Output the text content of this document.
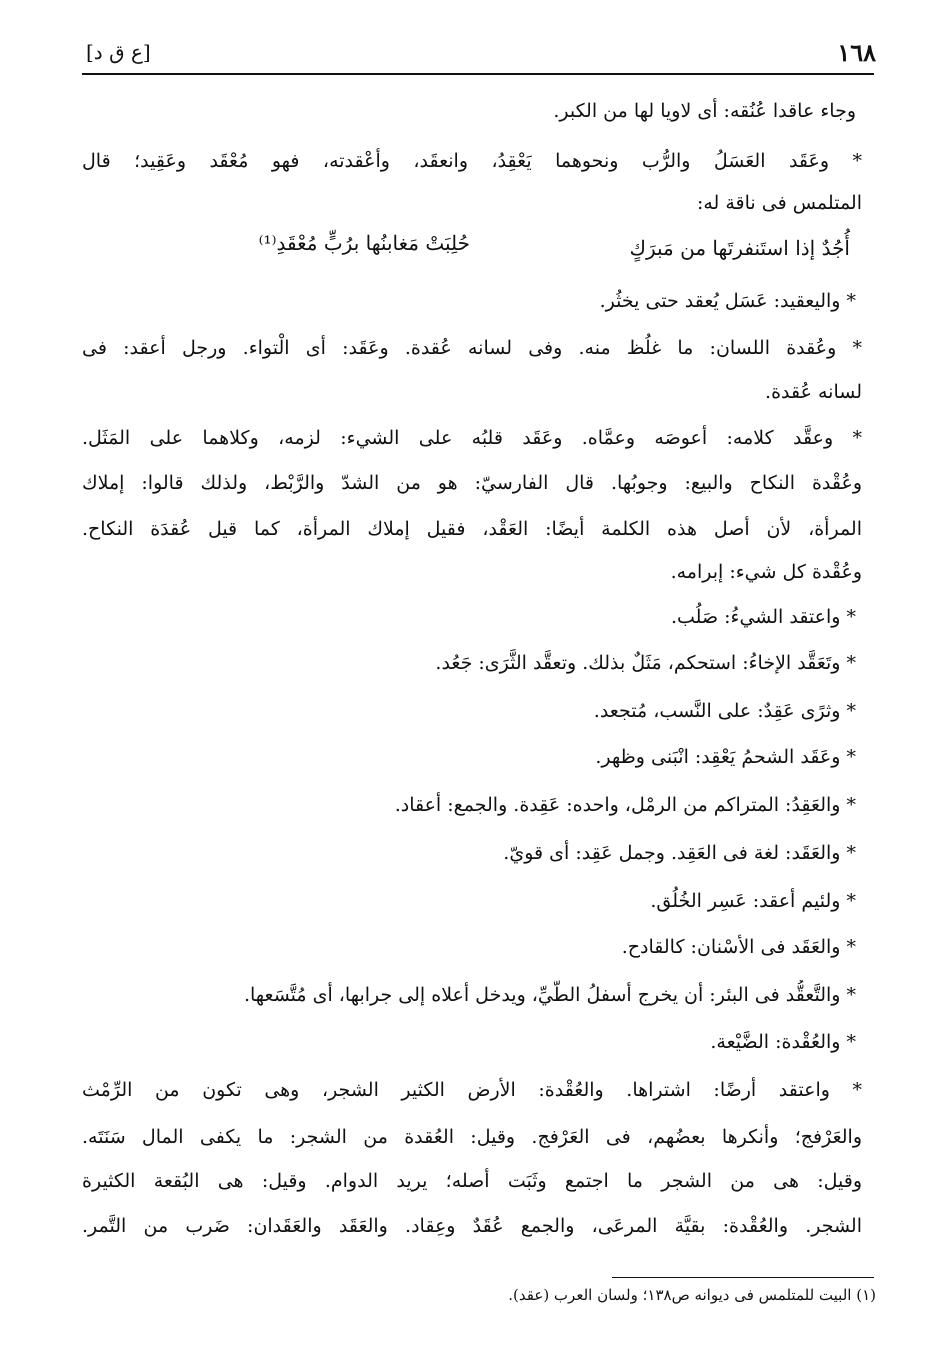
١٦٨
[ع ق د]
وجاء عاقدا عُنُقه: أى لاويا لها من الكبر.
* وعَقَد العَسَلُ والرُّب ونحوهما يَعْقِدُ، وانعقَد، وأعْقدته، فهو مُعْقَد وعَقِيد؛ قال
المتلمس فى ناقة له:
أُجُدٌ إذا استَنفرتَها من مَبرَكٍ
حُلِبَتْ مَغابنُها برُبٍّ مُعْقَدِ⁽¹⁾
* واليعقيد: عَسَل يُعقد حتى يخثُر.
* وعُقدة اللسان: ما غلُظ منه. وفى لسانه عُقدة. وعَقَد: أى الْتواء. ورجل أعقد: فى
لسانه عُقدة.
* وعقَّد كلامه: أعوصَه وعمَّاه. وعَقَد قلبُه على الشيء: لزمه، وكلاهما على المَثَل.
وعُقْدة النكاح والبيع: وجوبُها. قال الفارسيّ: هو من الشدّ والرَّبْط، ولذلك قالوا: إملاك
المرأة، لأن أصل هذه الكلمة أيضًا: العَقْد، فقيل إملاك المرأة، كما قيل عُقدَة النكاح.
وعُقْدة كل شيء: إبرامه.
* واعتقد الشيءُ: صَلُب.
* وتَعَقَّد الإخاءُ: استحكم، مَثَلٌ بذلك. وتعقَّد الثَّرَى: جَعُد.
* وثرًى عَقِدٌ: على النَّسب، مُتجعد.
* وعَقَد الشحمُ يَعْقِد: انْبَنى وظهر.
* والعَقِدُ: المتراكم من الرمْل، واحده: عَقِدة. والجمع: أعقاد.
* والعَقَد: لغة فى العَقِد. وجمل عَقِد: أى قويّ.
* ولئيم أعقد: عَسِر الخُلُق.
* والعَقَد فى الأسْنان: كالقادح.
* والتَّعقُّد فى البئر: أن يخرج أسفلُ الطَّيِّ، ويدخل أعلاه إلى جرابها، أى مُتَّسَعها.
* والعُقْدة: الضَّيْعة.
* واعتقد أرضًا: اشتراها. والعُقْدة: الأرض الكثير الشجر، وهى تكون من الرِّمْث
والعَرْفج؛ وأنكرها بعضُهم، فى العَرْفج. وقيل: العُقدة من الشجر: ما يكفى المال سَنَتَه.
وقيل: هى من الشجر ما اجتمع وثَبَت أصله؛ يريد الدوام. وقيل: هى البُقعة الكثيرة
الشجر. والعُقْدة: بقيَّة المرعَى، والجمع عُقَدٌ وعِقاد. والعَقَد والعَقَدان: ضَرب من التَّمر.
(١) البيت للمتلمس فى ديوانه ص١٣٨؛ ولسان العرب (عقد).
